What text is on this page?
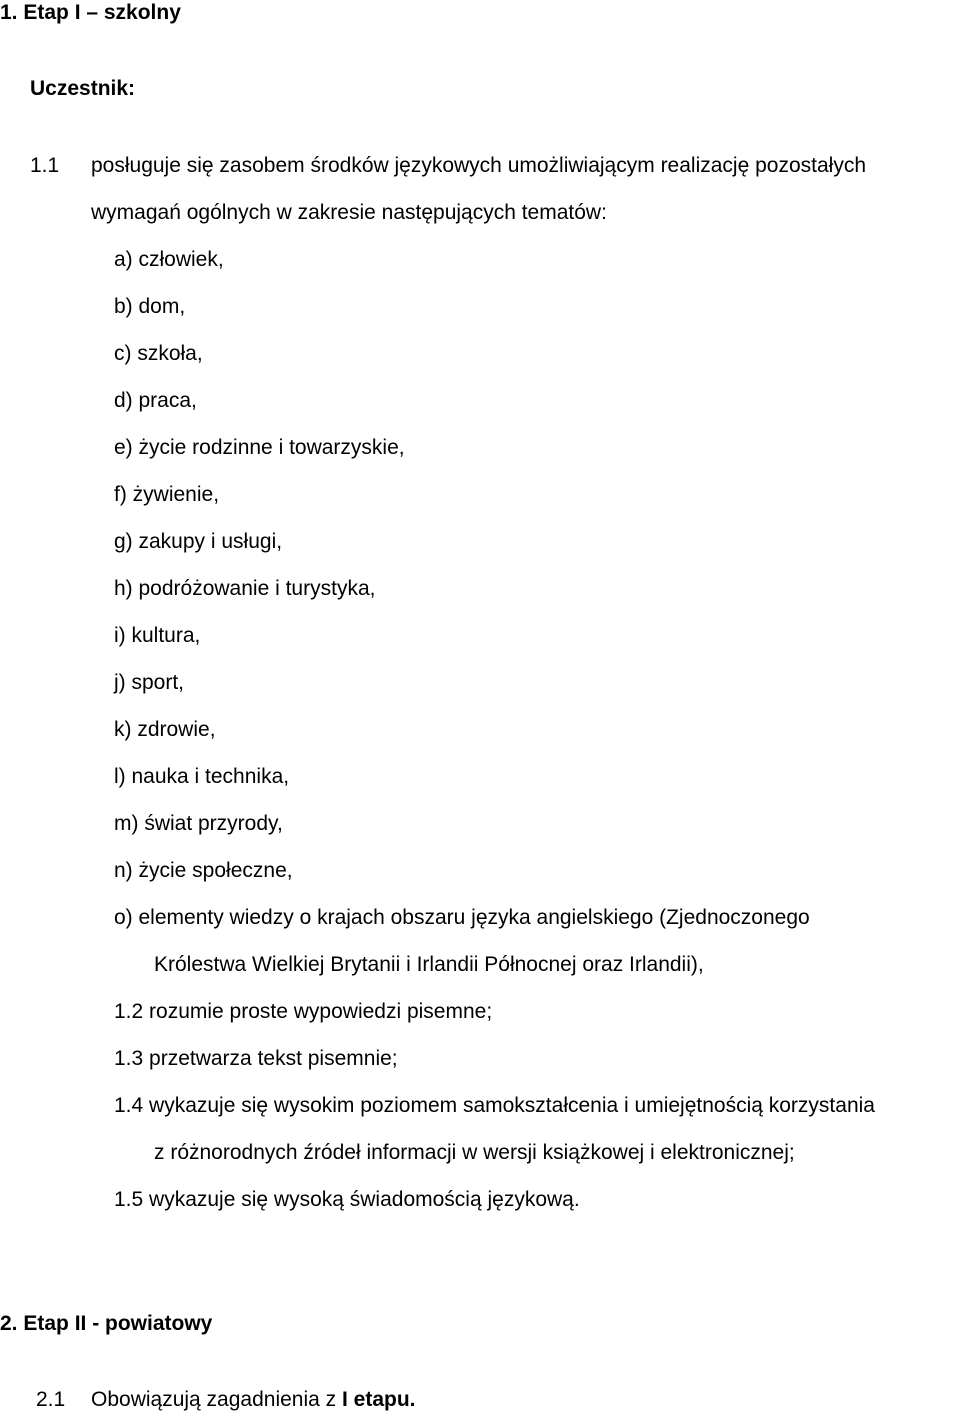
1. Etap I – szkolny
Uczestnik:
1.1 posługuje się zasobem środków językowych umożliwiającym realizację pozostałych
wymagań ogólnych w zakresie następujących tematów:
a) człowiek,
b) dom,
c) szkoła,
d) praca,
e) życie rodzinne i towarzyskie,
f) żywienie,
g) zakupy i usługi,
h) podróżowanie i turystyka,
i) kultura,
j) sport,
k) zdrowie,
l) nauka i technika,
m) świat przyrody,
n) życie społeczne,
o) elementy wiedzy o krajach obszaru języka angielskiego (Zjednoczonego
Królestwa Wielkiej Brytanii i Irlandii Północnej oraz Irlandii),
1.2 rozumie proste wypowiedzi pisemne;
1.3 przetwarza tekst pisemnie;
1.4 wykazuje się wysokim poziomem samokształcenia i umiejętnością korzystania
z różnorodnych źródeł informacji w wersji książkowej i elektronicznej;
1.5 wykazuje się wysoką świadomością językową.
2. Etap II - powiatowy
2.1 Obowiązują zagadnienia z I etapu.
